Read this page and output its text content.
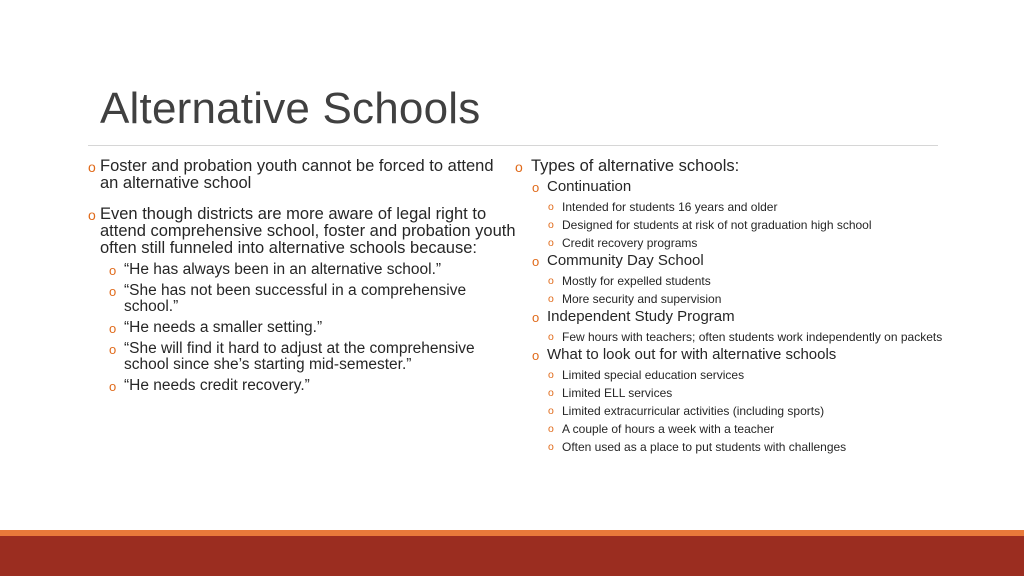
Alternative Schools
o Foster and probation youth cannot be forced to attend an alternative school
o Even though districts are more aware of legal right to attend comprehensive school, foster and probation youth often still funneled into alternative schools because:
o “He has always been in an alternative school.”
o “She has not been successful in a comprehensive school.”
o “He needs a smaller setting.”
o “She will find it hard to adjust at the comprehensive school since she’s starting mid-semester.”
o “He needs credit recovery.”
o Types of alternative schools:
o Continuation
o Intended for students 16 years and older
o Designed for students at risk of not graduation high school
o Credit recovery programs
o Community Day School
o Mostly for expelled students
o More security and supervision
o Independent Study Program
o Few hours with teachers; often students work independently on packets
o What to look out for with alternative schools
o Limited special education services
o Limited ELL services
o Limited extracurricular activities (including sports)
o A couple of hours a week with a teacher
o Often used as a place to put students with challenges
